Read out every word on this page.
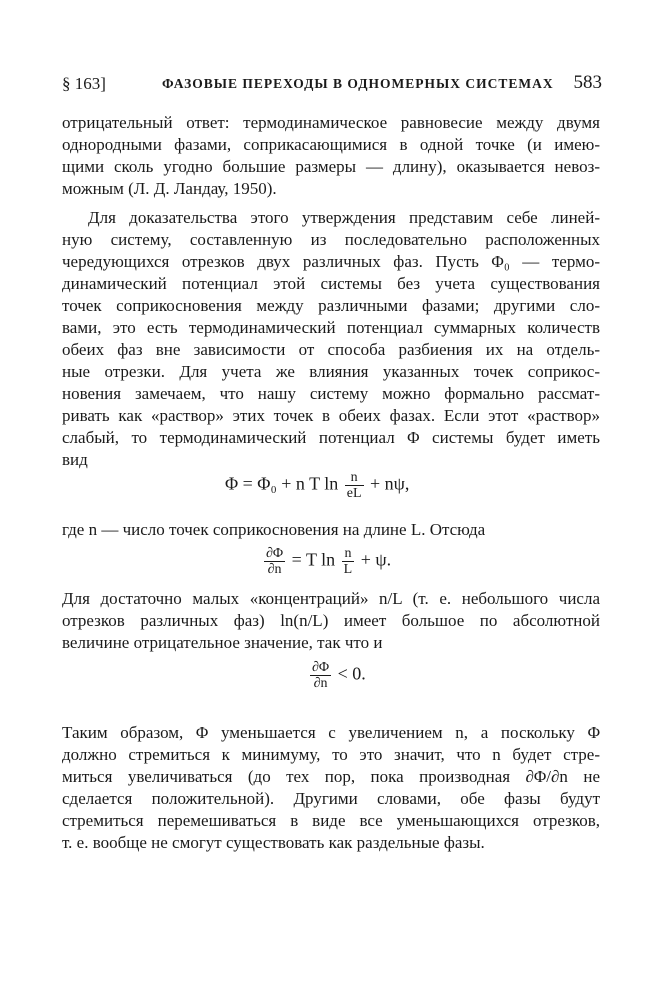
§ 163]	ФАЗОВЫЕ ПЕРЕХОДЫ В ОДНОМЕРНЫХ СИСТЕМАХ 583
отрицательный ответ: термодинамическое равновесие между двумя
однородными фазами, соприкасающимися в одной точке (и имею-
щими сколь угодно большие размеры — длину), оказывается невоз-
можным (Л. Д. Ландау, 1950).
Для доказательства этого утверждения представим себе линей-
ную систему, составленную из последовательно расположенных
чередующихся отрезков двух различных фаз. Пусть Φ₀ — термо-
динамический потенциал этой системы без учета существования
точек соприкосновения между различными фазами; другими сло-
вами, это есть термодинамический потенциал суммарных количеств
обеих фаз вне зависимости от способа разбиения их на отдель-
ные отрезки. Для учета же влияния указанных точек соприкос-
новения замечаем, что нашу систему можно формально рассмат-
ривать как «раствор» этих точек в обеих фазах. Если этот «раствор»
слабый, то термодинамический потенциал Φ системы будет иметь
вид
Φ = Φ₀ + n T $\ln \frac{n}{eL} + n\psi$,
где n — число точек соприкосновения на длине L. Отсюда
$\frac{\partial\Phi}{\partial n} = T$ $\ln \frac{n}{L} + \psi$.
Для достаточно малых «концентраций» n/L (т. е. небольшого числа
отрезков различных фаз) ln(n/L) имеет большое по абсолютной
величине отрицательное значение, так что и
$\frac{\partial\Phi}{\partial n} < 0$.
Таким образом, Φ уменьшается с увеличением n, а поскольку Φ
должно стремиться к минимуму, то это значит, что n будет стре-
миться увеличиваться (до тех пор, пока производная ∂Φ/∂n не
сделается положительной). Другими словами, обе фазы будут
стремиться перемешиваться в виде все уменьшающихся отрезков,
т. е. вообще не смогут существовать как раздельные фазы.
